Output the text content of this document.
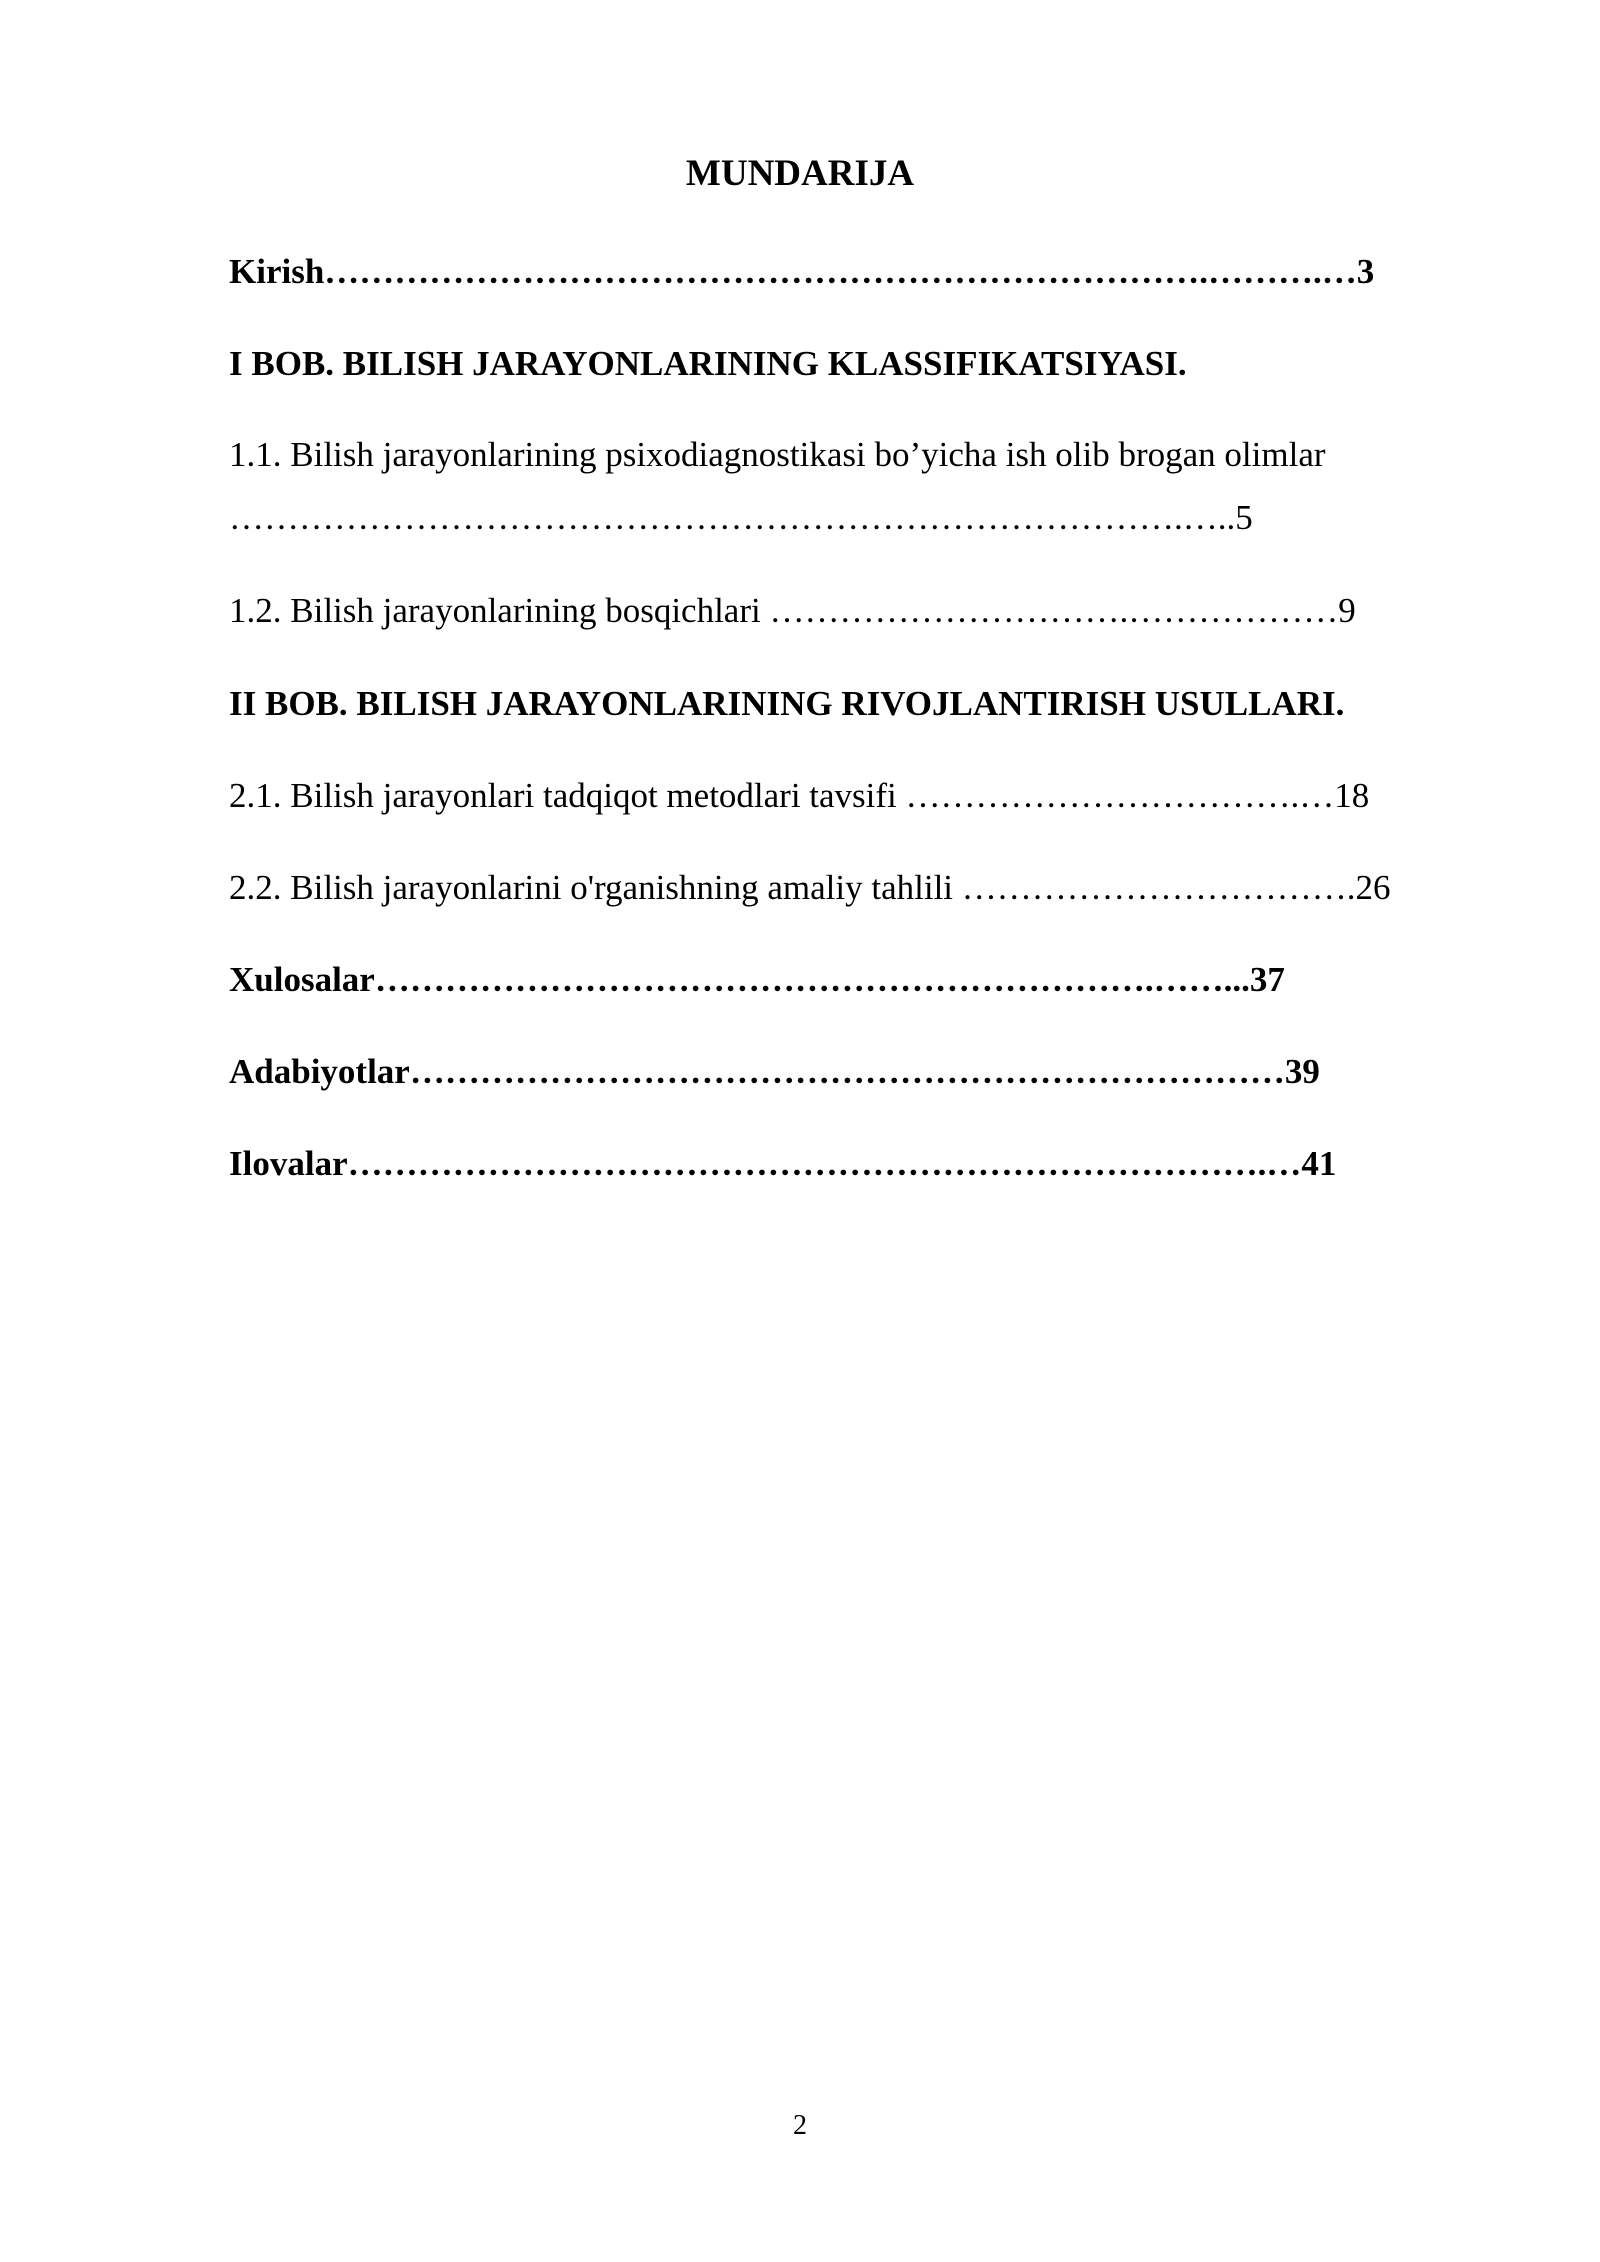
MUNDARIJA
Kirish………………………………………………………………….……….…3
I BOB. BILISH JARAYONLARINING KLASSIFIKATSIYASI.
1.1. Bilish jarayonlarining psixodiagnostikasi bo’yicha ish olib brogan olimlar
……………………………………………………………………….…..5
1.2. Bilish jarayonlarining bosqichlari ………………………….………………9
II BOB. BILISH JARAYONLARINING RIVOJLANTIRISH USULLARI.
2.1. Bilish jarayonlari tadqiqot metodlari tavsifi …………………………….…18
2.2. Bilish jarayonlarini o'rganishning amaliy tahlili …………………………….26
Xulosalar………………………………………………………….……...37
Adabiyotlar…………………………………………………………………39
Ilovalar…………………………………………………………………….…41
2
